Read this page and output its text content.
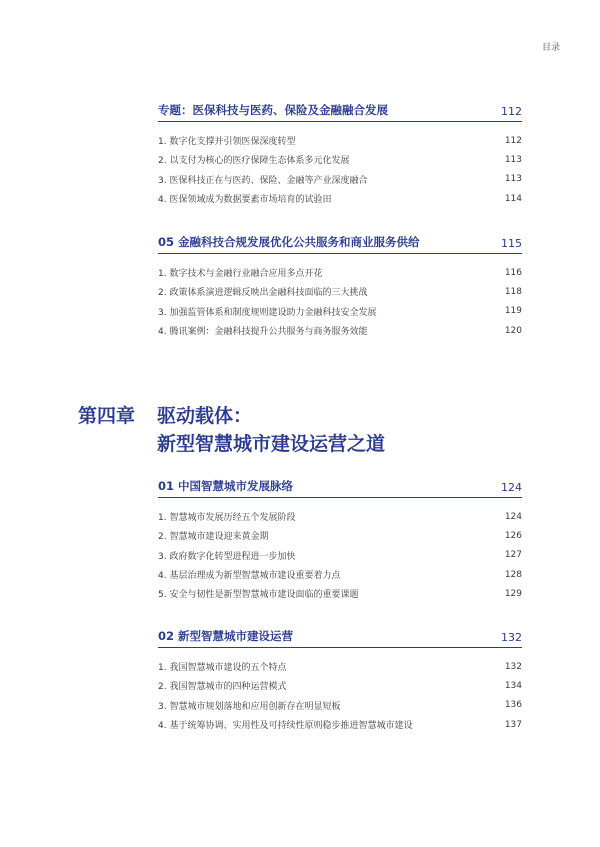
目录
专题：医保科技与医药、保险及金融融合发展	112
1. 数字化支撑并引领医保深度转型	112
2. 以支付为核心的医疗保障生态体系多元化发展	113
3. 医保科技正在与医药、保险、金融等产业深度融合	113
4. 医保领域成为数据要素市场培育的试验田	114
05 金融科技合规发展优化公共服务和商业服务供给	115
1. 数字技术与金融行业融合应用多点开花	116
2. 政策体系演进逻辑反映出金融科技面临的三大挑战	118
3. 加强监管体系和制度规则建设助力金融科技安全发展	119
4. 腾讯案例：金融科技提升公共服务与商务服务效能	120
第四章 驱动载体：
新型智慧城市建设运营之道
01 中国智慧城市发展脉络	124
1. 智慧城市发展历经五个发展阶段	124
2. 智慧城市建设迎来黄金期	126
3. 政府数字化转型进程进一步加快	127
4. 基层治理成为新型智慧城市建设重要着力点	128
5. 安全与韧性是新型智慧城市建设面临的重要课题	129
02 新型智慧城市建设运营	132
1. 我国智慧城市建设的五个特点	132
2. 我国智慧城市的四种运营模式	134
3. 智慧城市规划落地和应用创新存在明显短板	136
4. 基于统筹协调、实用性及可持续性原则稳步推进智慧城市建设	137
